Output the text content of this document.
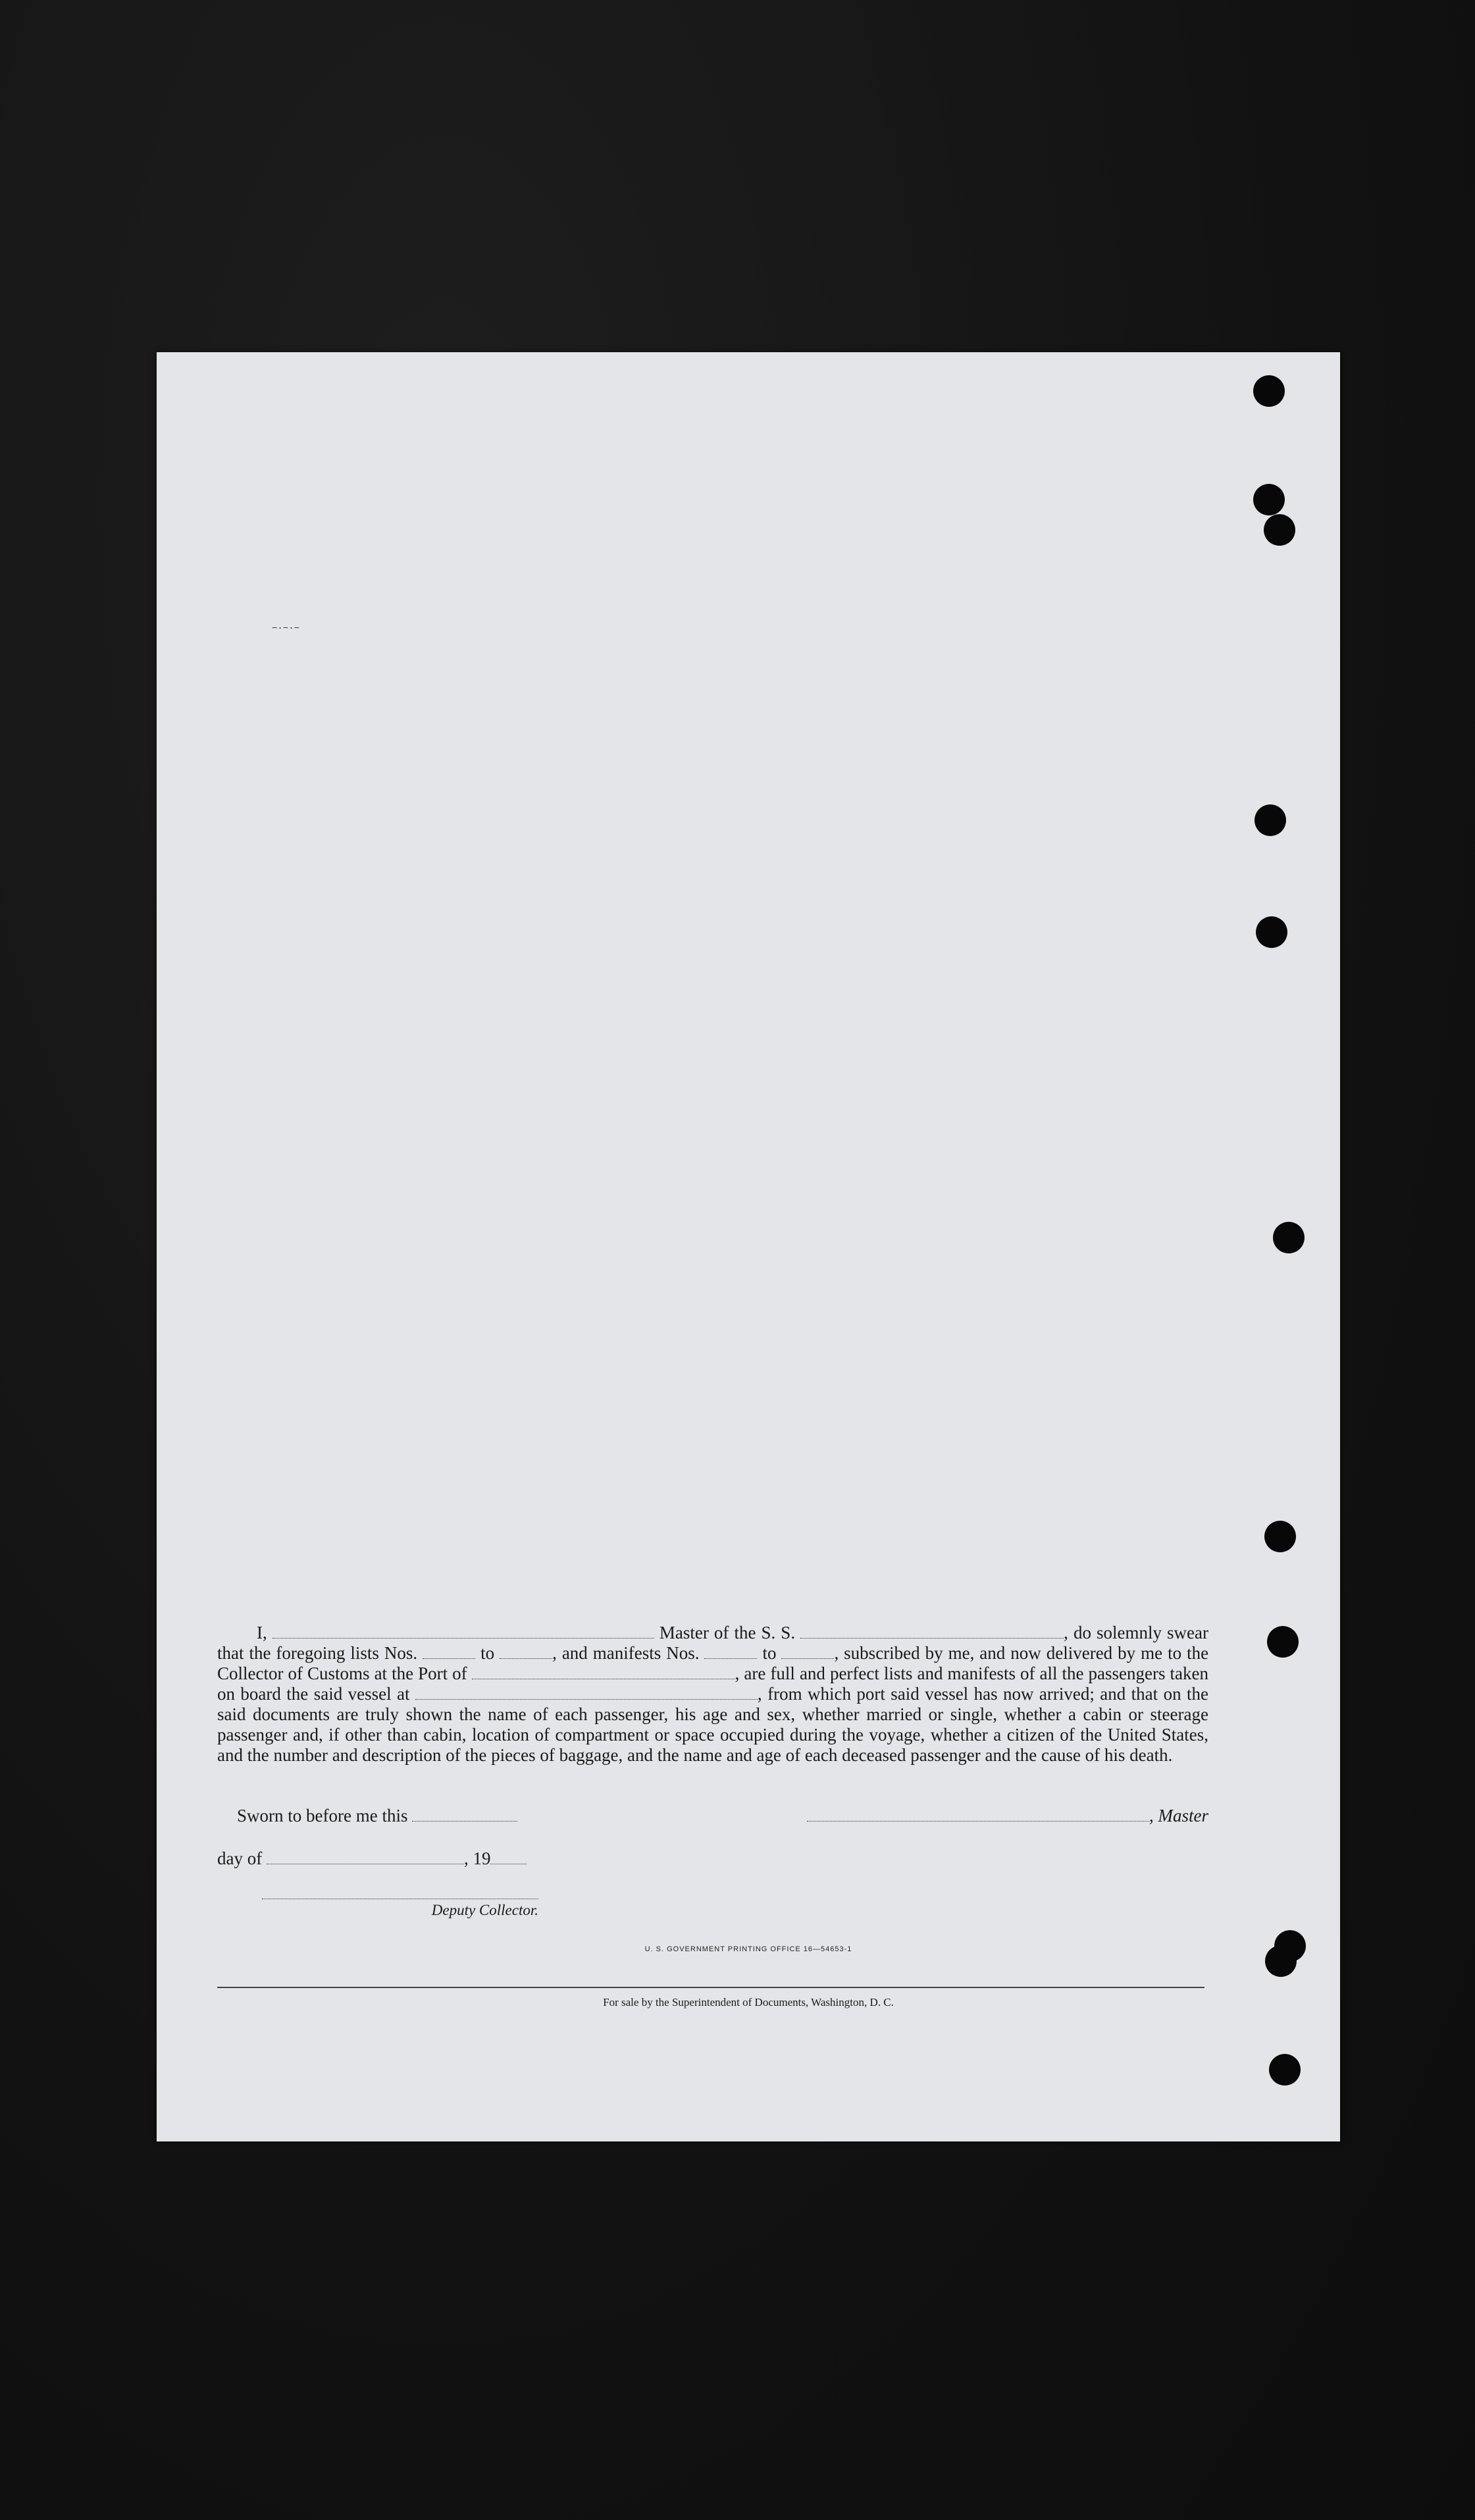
−·−·−

I,	Master of the S. S.	, do solemnly swear that the foregoing lists Nos.	to	, and manifests Nos.	to	, subscribed by me, and now delivered by me to the Collector of Customs at the Port of	, are full and perfect lists and manifests of all the passengers taken on board the said vessel at	, from which port said vessel has now arrived; and that on the said documents are truly shown the name of each passenger, his age and sex, whether married or single, whether a cabin or steerage passenger and, if other than cabin, location of compartment or space occupied during the voyage, whether a citizen of the United States, and the number and description of the pieces of baggage, and the name and age of each deceased passenger and the cause of his death.

Sworn to before me this	, Master
day of	, 19
Deputy Collector.
U. S. GOVERNMENT PRINTING OFFICE 16—54653-1
For sale by the Superintendent of Documents, Washington, D. C.
